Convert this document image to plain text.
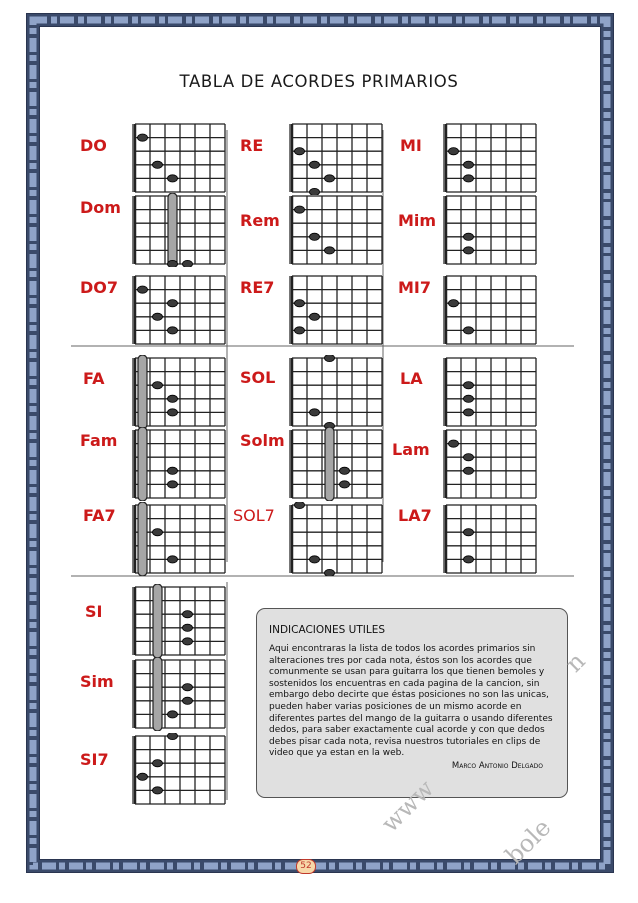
TABLA DE ACORDES PRIMARIOS
DO
Dom
DO7
RE
Rem
RE7
MI
Mim
MI7
FA
Fam
FA7
SOL
Solm
SOL7
LA
Lam
LA7
SI
Sim
SI7
INDICACIONES UTILES
Aqui encontraras la lista de todos los acordes primarios sin alteraciones tres por cada nota, éstos son los acordes que comunmente se usan para guitarra los que tienen bemoles y sostenidos los encuentras en cada pagina de la cancion, sin embargo debo decirte que éstas posiciones no son las unicas, pueden haber varias posiciones de un mismo acorde en diferentes partes del mango de la guitarra o usando diferentes dedos, para saber exactamente cual acorde y con que dedos debes pisar cada nota, revisa nuestros tutoriales en clips de video que ya estan en la web.
Marco Antonio Delgado
www
bole
n
52
